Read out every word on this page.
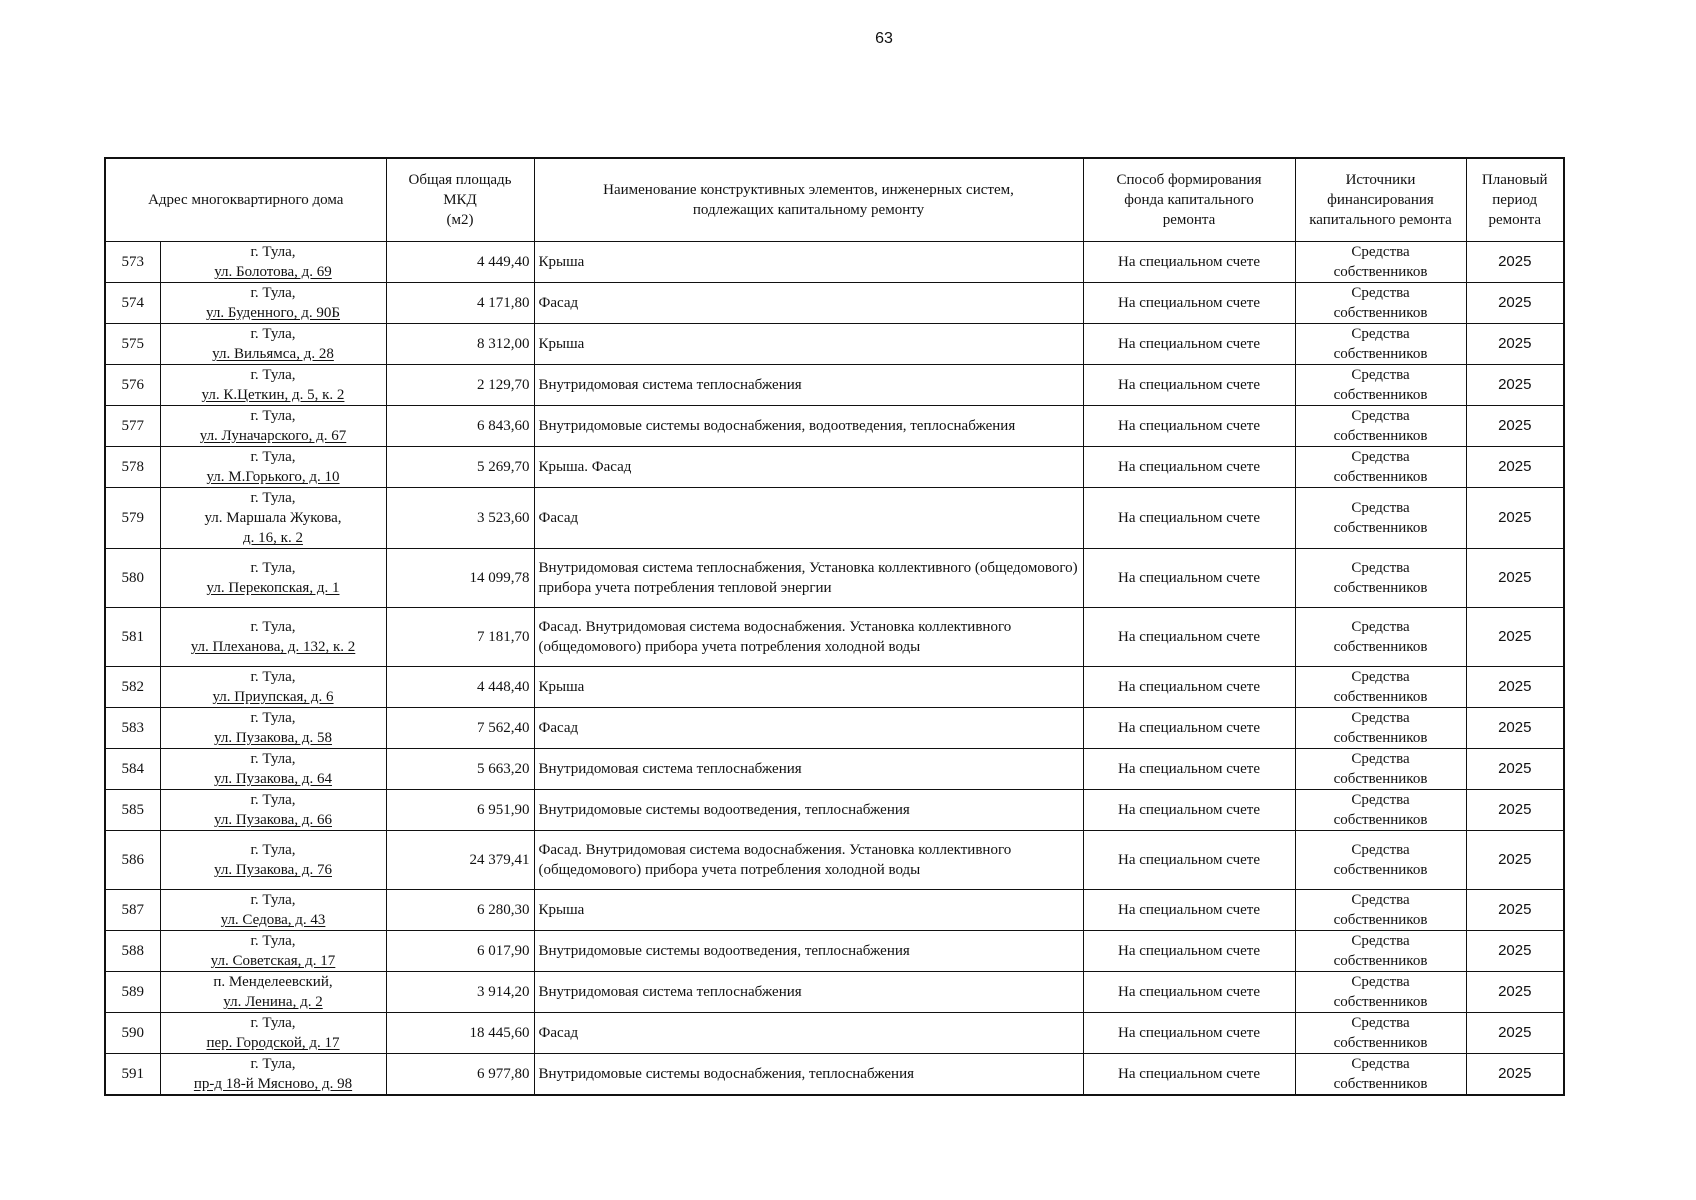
63
Адрес многоквартирного дома		Общая площадь
МКД
(м2)	Наименование конструктивных элементов, инженерных систем,
подлежащих капитальному ремонту	Способ формирования
фонда капитального
ремонта	Источники
финансирования
капитального ремонта	Плановый
период
ремонта

573	г. Тула,
ул. Болотова, д. 69	4 449,40	Крыша	На специальном счете	Средства
собственников	2025
574	г. Тула,
ул. Буденного, д. 90Б	4 171,80	Фасад	На специальном счете	Средства
собственников	2025
575	г. Тула,
ул. Вильямса, д. 28	8 312,00	Крыша	На специальном счете	Средства
собственников	2025
576	г. Тула,
ул. К.Цеткин, д. 5, к. 2	2 129,70	Внутридомовая система теплоснабжения	На специальном счете	Средства
собственников	2025
577	г. Тула,
ул. Луначарского, д. 67	6 843,60	Внутридомовые системы водоснабжения, водоотведения, теплоснабжения	На специальном счете	Средства
собственников	2025
578	г. Тула,
ул. М.Горького, д. 10	5 269,70	Крыша. Фасад	На специальном счете	Средства
собственников	2025
579	г. Тула,
ул. Маршала Жукова,
д. 16, к. 2	3 523,60	Фасад	На специальном счете	Средства
собственников	2025
580	г. Тула,
ул. Перекопская, д. 1	14 099,78	Внутридомовая система теплоснабжения, Установка коллективного (общедомового) прибора учета потребления тепловой энергии	На специальном счете	Средства
собственников	2025
581	г. Тула,
ул. Плеханова, д. 132, к. 2	7 181,70	Фасад. Внутридомовая система водоснабжения. Установка коллективного (общедомового) прибора учета потребления холодной воды	На специальном счете	Средства
собственников	2025
582	г. Тула,
ул. Приупская, д. 6	4 448,40	Крыша	На специальном счете	Средства
собственников	2025
583	г. Тула,
ул. Пузакова, д. 58	7 562,40	Фасад	На специальном счете	Средства
собственников	2025
584	г. Тула,
ул. Пузакова, д. 64	5 663,20	Внутридомовая система теплоснабжения	На специальном счете	Средства
собственников	2025
585	г. Тула,
ул. Пузакова, д. 66	6 951,90	Внутридомовые системы водоотведения, теплоснабжения	На специальном счете	Средства
собственников	2025
586	г. Тула,
ул. Пузакова, д. 76	24 379,41	Фасад. Внутридомовая система водоснабжения. Установка коллективного (общедомового) прибора учета потребления холодной воды	На специальном счете	Средства
собственников	2025
587	г. Тула,
ул. Седова, д. 43	6 280,30	Крыша	На специальном счете	Средства
собственников	2025
588	г. Тула,
ул. Советская, д. 17	6 017,90	Внутридомовые системы водоотведения, теплоснабжения	На специальном счете	Средства
собственников	2025
589	п. Менделеевский,
ул. Ленина, д. 2	3 914,20	Внутридомовая система теплоснабжения	На специальном счете	Средства
собственников	2025
590	г. Тула,
пер. Городской, д. 17	18 445,60	Фасад	На специальном счете	Средства
собственников	2025
591	г. Тула,
пр-д 18-й Мясново, д. 98	6 977,80	Внутридомовые системы водоснабжения, теплоснабжения	На специальном счете	Средства
собственников	2025
